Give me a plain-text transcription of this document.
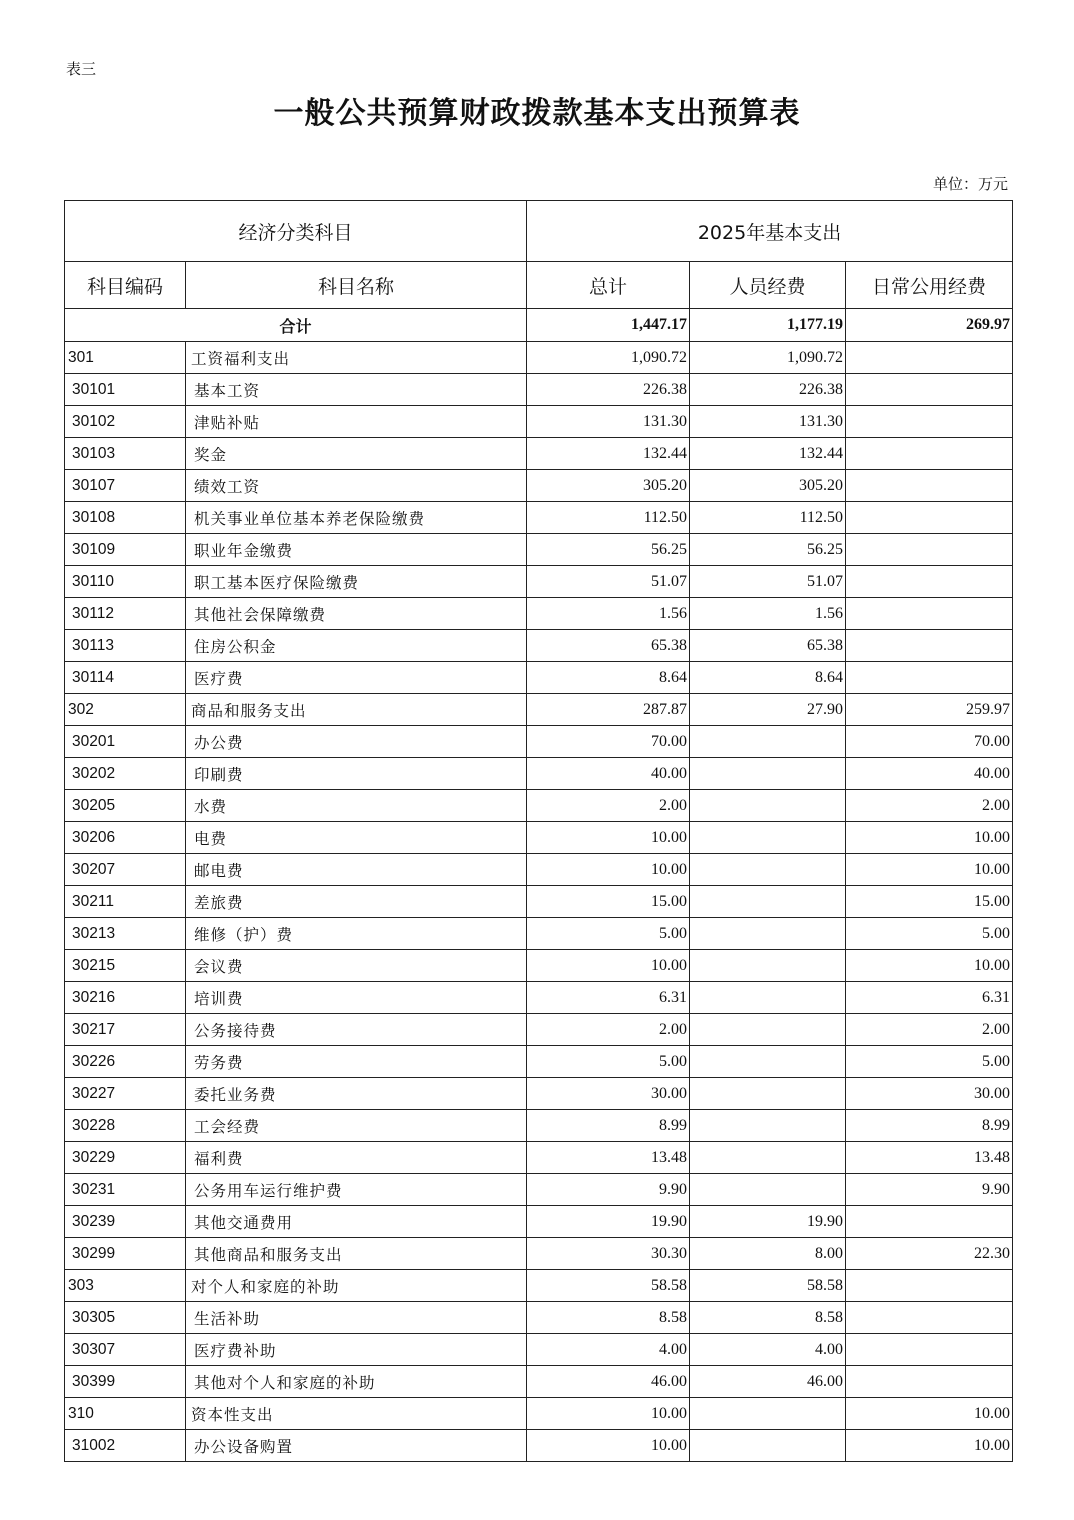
表三
一般公共预算财政拨款基本支出预算表
单位：万元
经济分类科目		2025年基本支出		
科目编码	科目名称	总计	人员经费	日常公用经费
合计		1,447.17	1,177.19	269.97
301	工资福利支出	1,090.72	1,090.72	
30101	基本工资	226.38	226.38	
30102	津贴补贴	131.30	131.30	
30103	奖金	132.44	132.44	
30107	绩效工资	305.20	305.20	
30108	机关事业单位基本养老保险缴费	112.50	112.50	
30109	职业年金缴费	56.25	56.25	
30110	职工基本医疗保险缴费	51.07	51.07	
30112	其他社会保障缴费	1.56	1.56	
30113	住房公积金	65.38	65.38	
30114	医疗费	8.64	8.64	
302	商品和服务支出	287.87	27.90	259.97
30201	办公费	70.00		70.00
30202	印刷费	40.00		40.00
30205	水费	2.00		2.00
30206	电费	10.00		10.00
30207	邮电费	10.00		10.00
30211	差旅费	15.00		15.00
30213	维修（护）费	5.00		5.00
30215	会议费	10.00		10.00
30216	培训费	6.31		6.31
30217	公务接待费	2.00		2.00
30226	劳务费	5.00		5.00
30227	委托业务费	30.00		30.00
30228	工会经费	8.99		8.99
30229	福利费	13.48		13.48
30231	公务用车运行维护费	9.90		9.90
30239	其他交通费用	19.90	19.90	
30299	其他商品和服务支出	30.30	8.00	22.30
303	对个人和家庭的补助	58.58	58.58	
30305	生活补助	8.58	8.58	
30307	医疗费补助	4.00	4.00	
30399	其他对个人和家庭的补助	46.00	46.00	
310	资本性支出	10.00		10.00
31002	办公设备购置	10.00		10.00
